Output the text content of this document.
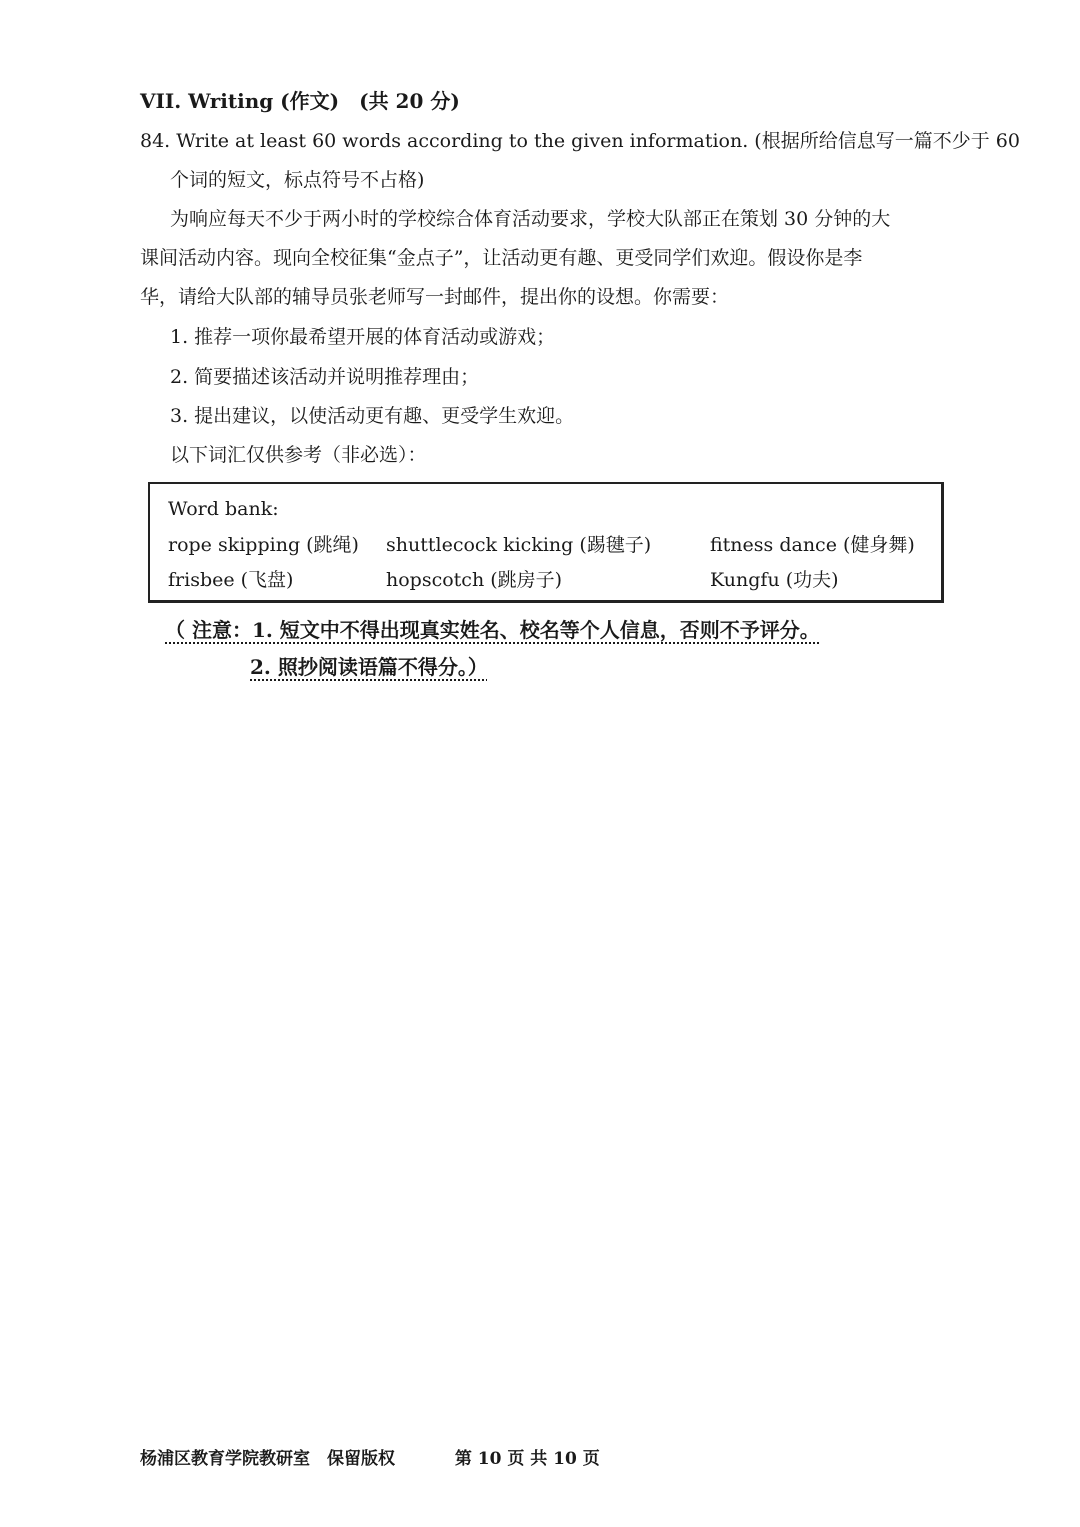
VII. Writing (作文)　(共 20 分)
84. Write at least 60 words according to the given information. (根据所给信息写一篇不少于 60
个词的短文，标点符号不占格)
为响应每天不少于两小时的学校综合体育活动要求，学校大队部正在策划 30 分钟的大
课间活动内容。现向全校征集“金点子”，让活动更有趣、更受同学们欢迎。假设你是李
华，请给大队部的辅导员张老师写一封邮件，提出你的设想。你需要：
1. 推荐一项你最希望开展的体育活动或游戏；
2. 简要描述该活动并说明推荐理由；
3. 提出建议，以使活动更有趣、更受学生欢迎。
以下词汇仅供参考（非必选）：
Word bank:
rope skipping (跳绳) shuttlecock kicking (踢毽子)	fitness dance (健身舞)
frisbee (飞盘)	hopscotch (跳房子)	Kungfu (功夫)
（ 注意：1. 短文中不得出现真实姓名、校名等个人信息，否则不予评分。
2. 照抄阅读语篇不得分。）
杨浦区教育学院教研室　保留版权	第 10 页 共 10 页
